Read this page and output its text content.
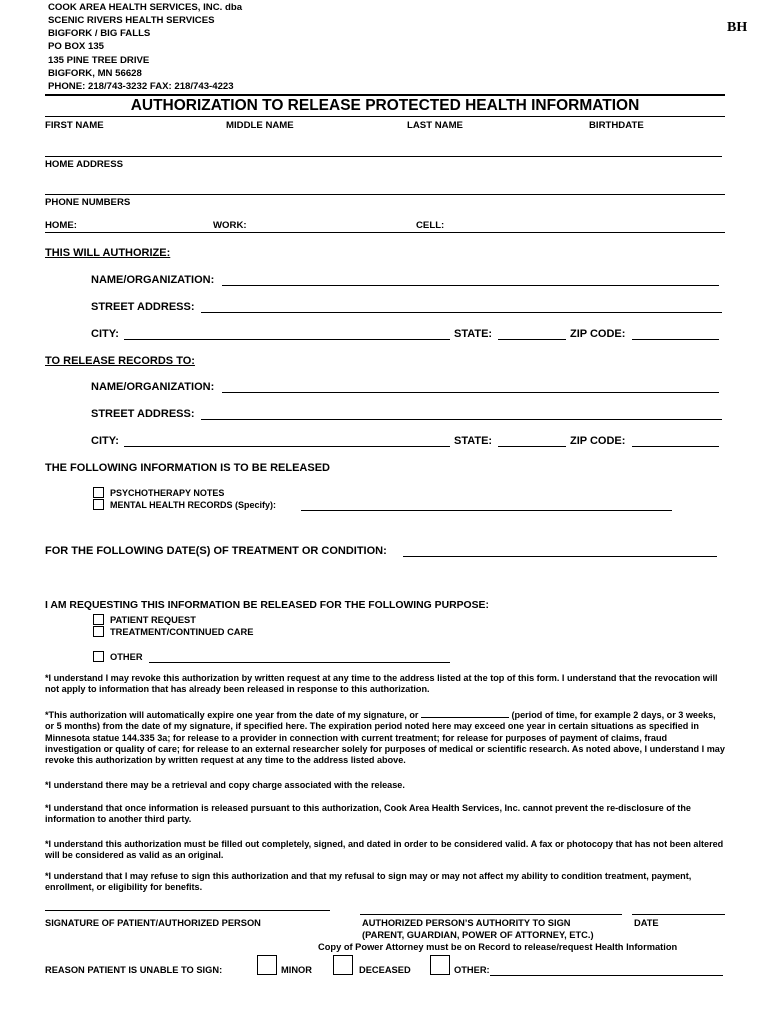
COOK AREA HEALTH SERVICES, INC. dba
SCENIC RIVERS HEALTH SERVICES
BIGFORK / BIG FALLS
PO BOX 135
135 PINE TREE DRIVE
BIGFORK, MN 56628
PHONE: 218/743-3232 FAX: 218/743-4223
BH
AUTHORIZATION TO RELEASE PROTECTED HEALTH INFORMATION
FIRST NAME	MIDDLE NAME	LAST NAME	BIRTHDATE
HOME ADDRESS
PHONE NUMBERS
HOME:	WORK:	CELL:
THIS WILL AUTHORIZE:
NAME/ORGANIZATION:
STREET ADDRESS:
CITY:	STATE:	ZIP CODE:
TO RELEASE RECORDS TO:
NAME/ORGANIZATION:
STREET ADDRESS:
CITY:	STATE:	ZIP CODE:
THE FOLLOWING INFORMATION IS TO BE RELEASED
PSYCHOTHERAPY NOTES
MENTAL HEALTH RECORDS (Specify):
FOR THE FOLLOWING DATE(S) OF TREATMENT OR CONDITION:
I AM REQUESTING THIS INFORMATION BE RELEASED FOR THE FOLLOWING PURPOSE:
PATIENT REQUEST
TREATMENT/CONTINUED CARE
OTHER
*I understand I may revoke this authorization by written request at any time to the address listed at the top of this form. I understand that the revocation will not apply to information that has already been released in response to this authorization.
*This authorization will automatically expire one year from the date of my signature, or	(period of time, for example 2 days, or 3 weeks, or 5 months) from the date of my signature, if specified here. The expiration period noted here may exceed one year in certain situations as specified in Minnesota statue 144.335 3a; for release to a provider in connection with current treatment; for release for purposes of payment of claims, fraud investigation or quality of care; for release to an external researcher solely for purposes of medical or scientific research. As noted above, I understand I may revoke this authorization by written request at any time to the address listed above.
*I understand there may be a retrieval and copy charge associated with the release.
*I understand that once information is released pursuant to this authorization, Cook Area Health Services, Inc. cannot prevent the re-disclosure of the information to another third party.
*I understand this authorization must be filled out completely, signed, and dated in order to be considered valid. A fax or photocopy that has not been altered will be considered as valid as an original.
*I understand that I may refuse to sign this authorization and that my refusal to sign may or may not affect my ability to condition treatment, payment, enrollment, or eligibility for benefits.
SIGNATURE OF PATIENT/AUTHORIZED PERSON	AUTHORIZED PERSON’S AUTHORITY TO SIGN
(PARENT, GUARDIAN, POWER OF ATTORNEY, ETC.)
DATE
Copy of Power Attorney must be on Record to release/request Health Information
REASON PATIENT IS UNABLE TO SIGN:	MINOR	DECEASED	OTHER:
